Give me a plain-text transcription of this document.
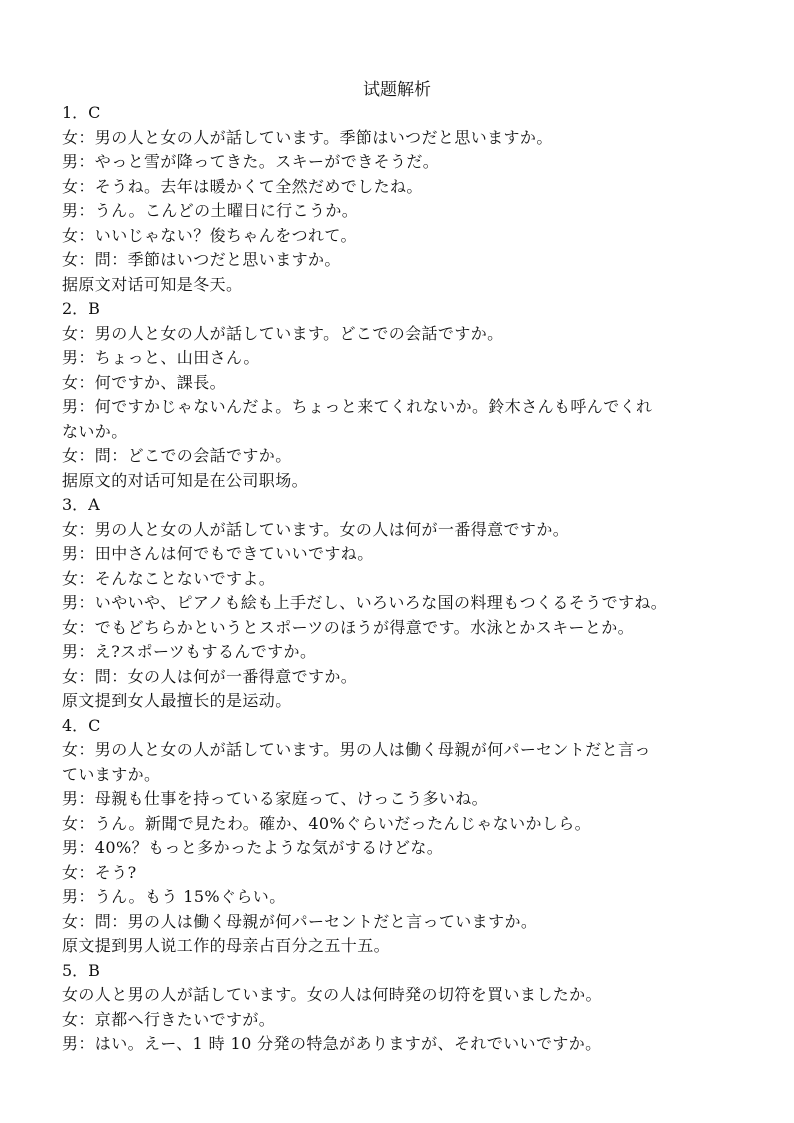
试题解析
1．C
女：男の人と女の人が話しています。季節はいつだと思いますか。
男：やっと雪が降ってきた。スキーができそうだ。
女：そうね。去年は暖かくて全然だめでしたね。
男：うん。こんどの土曜日に行こうか。
女：いいじゃない？俊ちゃんをつれて。
女：問：季節はいつだと思いますか。
据原文对话可知是冬天。
2．B
女：男の人と女の人が話しています。どこでの会話ですか。
男：ちょっと、山田さん。
女：何ですか、課長。
男：何ですかじゃないんだよ。ちょっと来てくれないか。鈴木さんも呼んでくれ
ないか。
女：問：どこでの会話ですか。
据原文的对话可知是在公司职场。
3．A
女：男の人と女の人が話しています。女の人は何が一番得意ですか。
男：田中さんは何でもできていいですね。
女：そんなことないですよ。
男：いやいや、ピアノも絵も上手だし、いろいろな国の料理もつくるそうですね。
女：でもどちらかというとスポーツのほうが得意です。水泳とかスキーとか。
男：え?スポーツもするんですか。
女：問：女の人は何が一番得意ですか。
原文提到女人最擅长的是运动。
4．C
女：男の人と女の人が話しています。男の人は働く母親が何パーセントだと言っ
ていますか。
男：母親も仕事を持っている家庭って、けっこう多いね。
女：うん。新聞で見たわ。確か、40%ぐらいだったんじゃないかしら。
男：40%？もっと多かったような気がするけどな。
女：そう?
男：うん。もう 15%ぐらい。
女：問：男の人は働く母親が何パーセントだと言っていますか。
原文提到男人说工作的母亲占百分之五十五。
5．B
女の人と男の人が話しています。女の人は何時発の切符を買いましたか。
女：京都へ行きたいですが。
男：はい。えー、1 時 10 分発の特急がありますが、それでいいですか。
